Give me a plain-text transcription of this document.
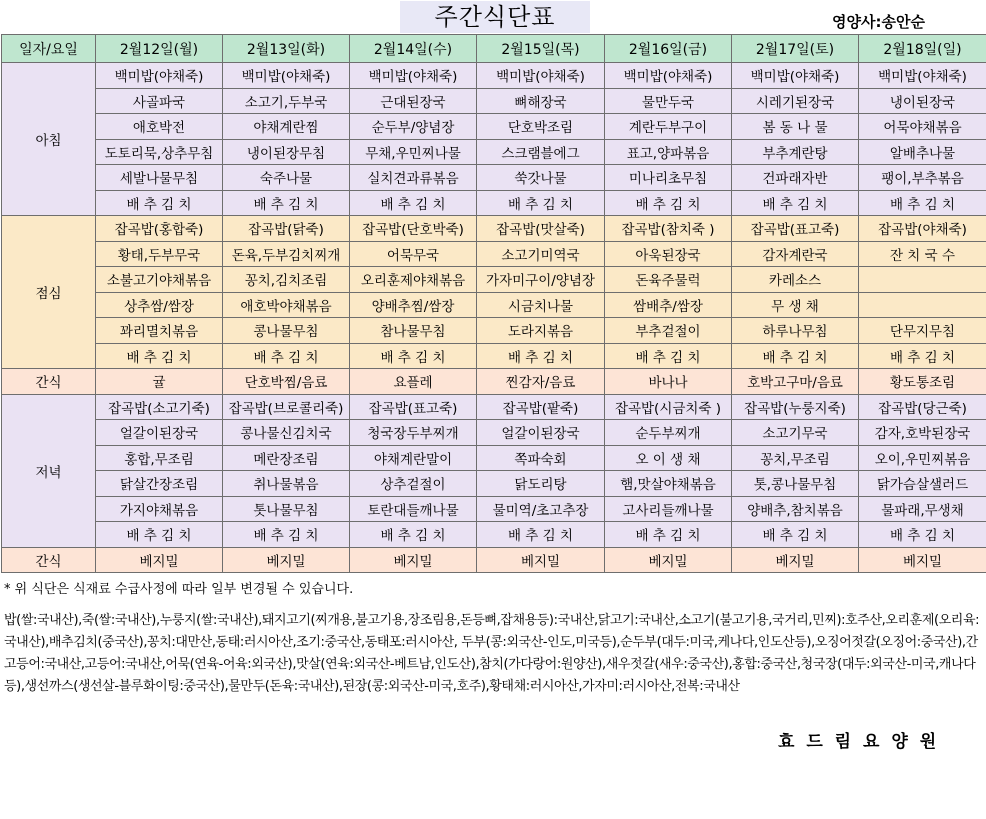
주간식단표	영양사:송안순
일자/요일	2월12일(월)	2월13일(화)	2월14일(수)	2월15일(목)	2월16일(금)	2월17일(토)	2월18일(일)
아침	백미밥(야채죽)	백미밥(야채죽)	백미밥(야채죽)	백미밥(야채죽)	백미밥(야채죽)	백미밥(야채죽)	백미밥(야채죽)
	사골파국	소고기,두부국	근대된장국	뼈해장국	물만두국	시레기된장국	냉이된장국
	애호박전	야채계란찜	순두부/양념장	단호박조림	계란두부구이	봄 동 나 물	어묵야채볶음
	도토리묵,상추무침	냉이된장무침	무채,우민찌나물	스크램블에그	표고,양파볶음	부추계란탕	알배추나물
	세발나물무침	숙주나물	실치견과류볶음	쑥갓나물	미나리초무침	건파래자반	팽이,부추볶음
	배 추 김 치	배 추 김 치	배 추 김 치	배 추 김 치	배 추 김 치	배 추 김 치	배 추 김 치
점심	잡곡밥(홍합죽)	잡곡밥(닭죽)	잡곡밥(단호박죽)	잡곡밥(맛살죽)	잡곡밥(참치죽 )	잡곡밥(표고죽)	잡곡밥(야채죽)
	황태,두부무국	돈육,두부김치찌개	어묵무국	소고기미역국	아욱된장국	감자계란국	잔 치 국 수
	소불고기야채볶음	꽁치,김치조림	오리훈제야채볶음	가자미구이/양념장	돈육주물럭	카레소스	
	상추쌈/쌈장	애호박야채볶음	양배추찜/쌈장	시금치나물	쌈배추/쌈장	무 생 채	
	꽈리멸치볶음	콩나물무침	참나물무침	도라지볶음	부추겉절이	하루나무침	단무지무침
	배 추 김 치	배 추 김 치	배 추 김 치	배 추 김 치	배 추 김 치	배 추 김 치	배 추 김 치
간식	귤	단호박찜/음료	요플레	찐감자/음료	바나나	호박고구마/음료	황도통조림
저녁	잡곡밥(소고기죽)	잡곡밥(브로콜리죽)	잡곡밥(표고죽)	잡곡밥(팥죽)	잡곡밥(시금치죽 )	잡곡밥(누룽지죽)	잡곡밥(당근죽)
	얼갈이된장국	콩나물신김치국	청국장두부찌개	얼갈이된장국	순두부찌개	소고기무국	감자,호박된장국
	홍합,무조림	메란장조림	야채계란말이	쪽파숙회	오 이 생 채	꽁치,무조림	오이,우민찌볶음
	닭살간장조림	취나물볶음	상추겉절이	닭도리탕	햄,맛살야채볶음	톳,콩나물무침	닭가슴살샐러드
	가지야채볶음	톳나물무침	토란대들깨나물	물미역/초고추장	고사리들깨나물	양배추,참치볶음	물파래,무생채
	배 추 김 치	배 추 김 치	배 추 김 치	배 추 김 치	배 추 김 치	배 추 김 치	배 추 김 치
간식	베지밀	베지밀	베지밀	베지밀	베지밀	베지밀	베지밀
* 위 식단은 식재료 수급사정에 따라 일부 변경될 수 있습니다.
밥(쌀:국내산),죽(쌀:국내산),누룽지(쌀:국내산),돼지고기(찌개용,불고기용,장조림용,돈등뼈,잡채용등):국내산,닭고기:국내산,소고기(불고기용,국거리,민찌):호주산,오리훈제(오리육:국내산),배추김치(중국산),꽁치:대만산,동태:러시아산,조기:중국산,동태포:러시아산, 두부(콩:외국산-인도,미국등),순두부(대두:미국,케나다,인도산등),오징어젓갈(오징어:중국산),간고등어:국내산,고등어:국내산,어묵(연육-어육:외국산),맛살(연육:외국산-베트남,인도산),참치(가다랑어:원양산),새우젓갈(새우:중국산),홍합:중국산,청국장(대두:외국산-미국,캐나다등),생선까스(생선살-블루화이팅:중국산),물만두(돈육:국내산),된장(콩:외국산-미국,호주),황태채:러시아산,가자미:러시아산,전복:국내산
효 드 림 요 양 원
